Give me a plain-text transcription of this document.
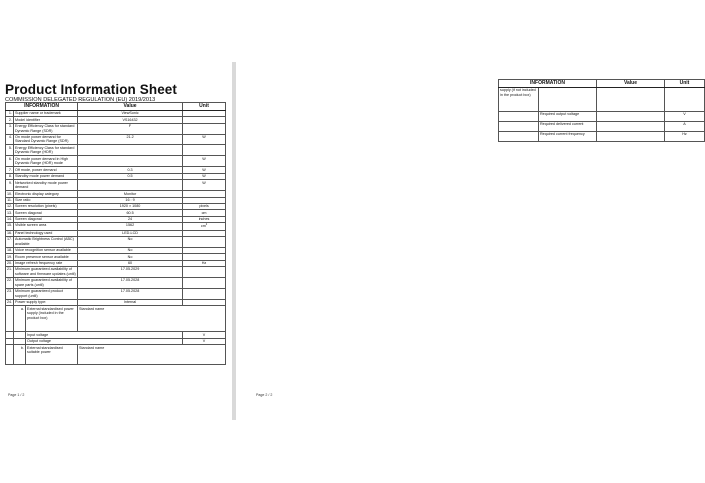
Product Information Sheet
COMMISSION DELEGATED REGULATION (EU) 2019/2013
INFORMATION			Value	Unit
1.	Supplier name or trademark		ViewSonic	
2.	Model identifier		VS16432	
3.	Energy Efficiency Class for standard Dynamic Range (SDR)		F	
4.	On mode power demand for Standard Dynamic Range (SDR)		21.2	W
5.	Energy Efficiency Class for standard Dynamic Range (HDR)			
6.	On mode power demand in High Dynamic Range (HDR) mode			W
7.	Off mode, power demand		0.3	W
8.	Standby mode power demand		0.5	W
9.	Networked standby mode power demand			W
10.	Electronic display category		Monitor	
11.	Size ratio		16 : 9	
12.	Screen resolution (pixels)		1920 × 1080	pixels
13.	Screen diagonal		60.5	cm
14.	Screen diagonal		24	inches
15.	Visible screen area		1562	$cm^2$
16.	Panel technology used		LED-LCD	
17.	Automatic Brightness Control (ABC) available		No	
18.	Voice recognition sensor available		No	
19.	Room presence sensor available		No	
20.	Image refresh frequency rate		60	Hz
21.	Minimum guaranteed availability of software and firmware updates (until)		17.05.2029	
22.	Minimum guaranteed availability of spare parts (until)		17.05.2028	
23.	Minimum guaranteed product support (until)		17.05.2028	
24.	Power supply type:		Internal	
	a.	External standardised power supply (included in the product box)	Standard name	
		Input voltage		V
		Output voltage		V
	b.	External standardised suitable power	Standard name	
Page 1 / 2
INFORMATION		Value	Unit
supply (if not included in the product box)			
	Required output voltage		V
	Required delivered current		A
	Required current frequency		Hz
Page 2 / 2
